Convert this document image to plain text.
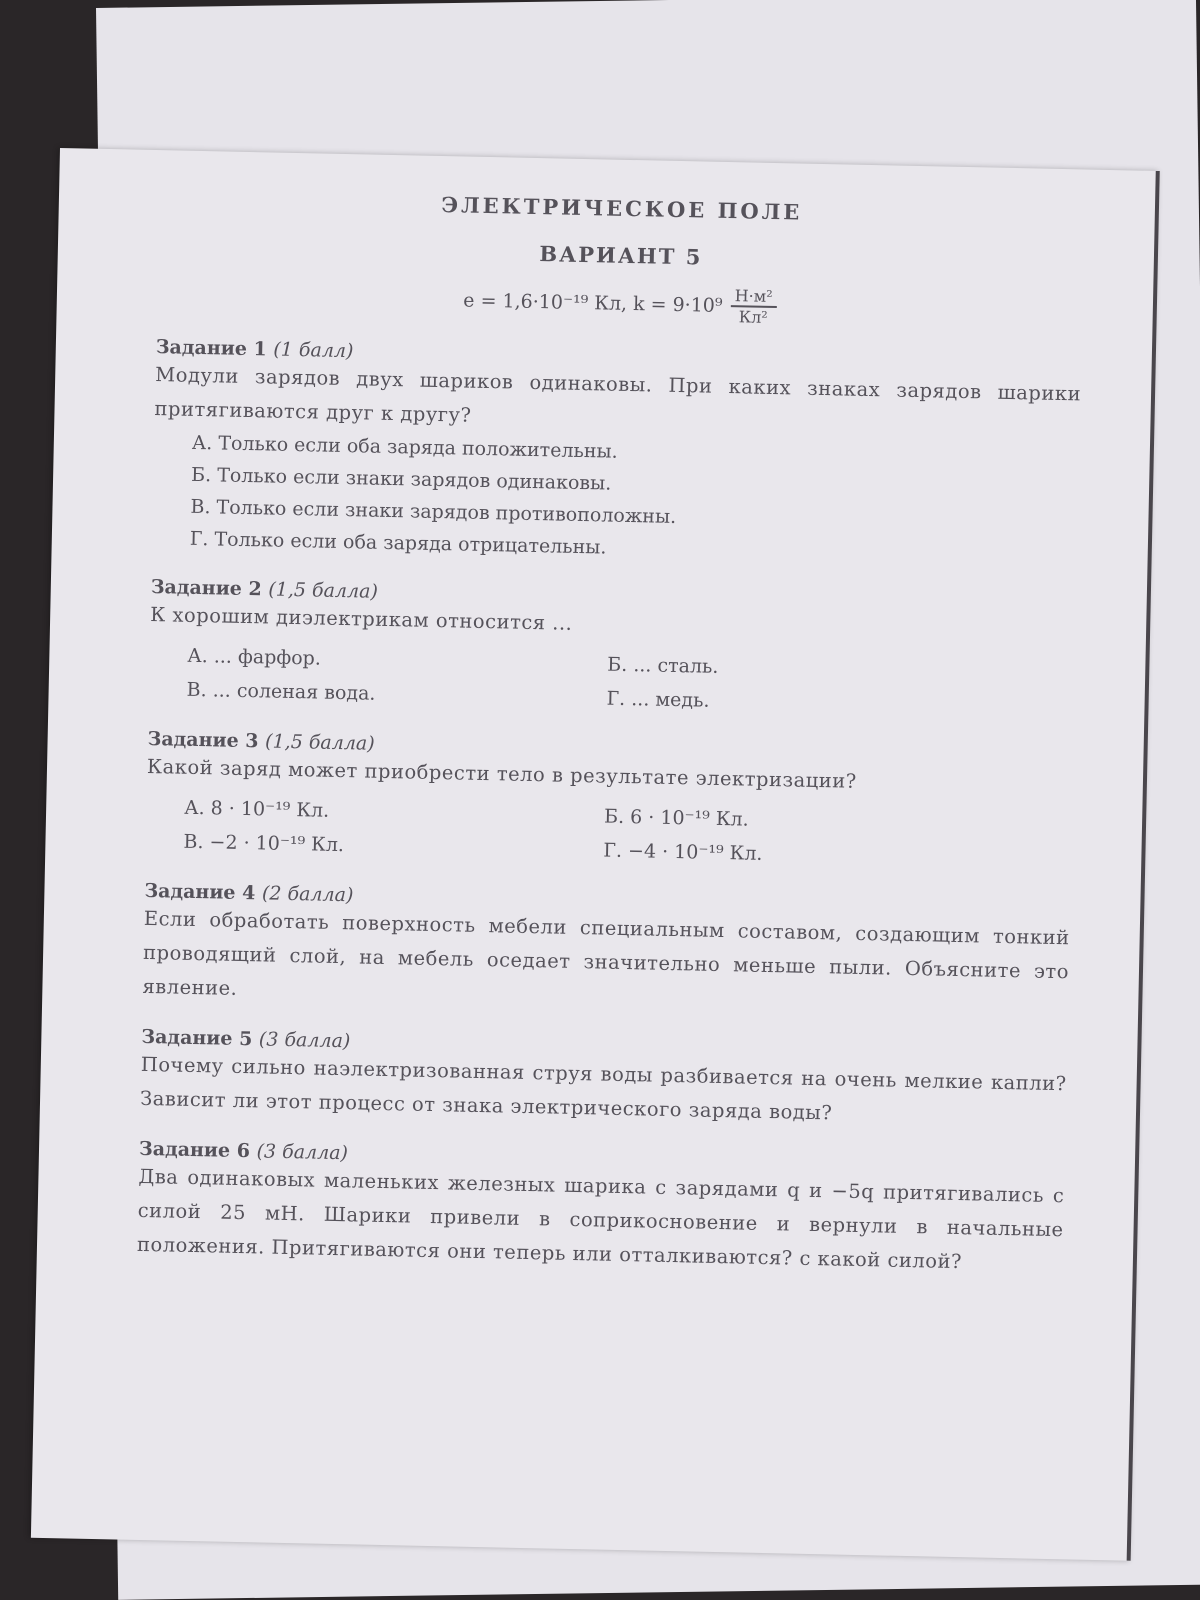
ЭЛЕКТРИЧЕСКОЕ ПОЛЕ
ВАРИАНТ 5
e = 1,6·10⁻¹⁹ Кл, $k = 9\cdot 10^9 \frac{\text{Н·м²}}{\text{Кл²}}$
Задание 1 (1 балл)
Модули зарядов двух шариков одинаковы. При каких знаках зарядов шарики притягиваются друг к другу?
А. Только если оба заряда положительны.
Б. Только если знаки зарядов одинаковы.
В. Только если знаки зарядов противоположны.
Г. Только если оба заряда отрицательны.
Задание 2 (1,5 балла)
К хорошим диэлектрикам относится ...
А. ... фарфор.	Б. ... сталь.
В. ... соленая вода.	Г. ... медь.
Задание 3 (1,5 балла)
Какой заряд может приобрести тело в результате электризации?
А. 8 · 10⁻¹⁹ Кл.	Б. 6 · 10⁻¹⁹ Кл.
В. −2 · 10⁻¹⁹ Кл.	Г. −4 · 10⁻¹⁹ Кл.
Задание 4 (2 балла)
Если обработать поверхность мебели специальным составом, создающим тонкий проводящий слой, на мебель оседает значительно меньше пыли. Объясните это явление.
Задание 5 (3 балла)
Почему сильно наэлектризованная струя воды разбивается на очень мелкие капли? Зависит ли этот процесс от знака электрического заряда воды?
Задание 6 (3 балла)
Два одинаковых маленьких железных шарика с зарядами q и −5q притягивались с силой 25 мН. Шарики привели в соприкосновение и вернули в начальные положения. Притягиваются они теперь или отталкиваются? с какой силой?
